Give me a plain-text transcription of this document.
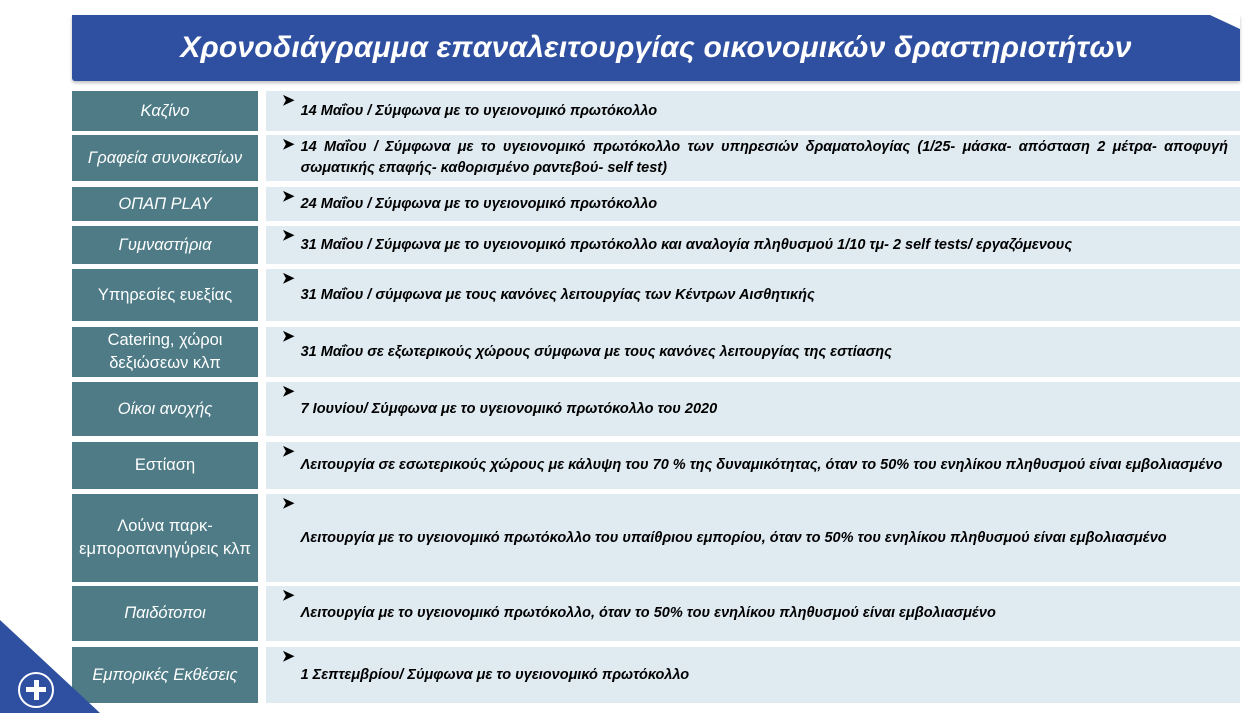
Χρονοδιάγραμμα επαναλειτουργίας οικονομικών δραστηριοτήτων
Καζίνο
➤
14 Μαΐου / Σύμφωνα με το υγειονομικό πρωτόκολλο
Γραφεία συνοικεσίων
➤ 14 Μαΐου / Σύμφωνα με το υγειονομικό πρωτόκολλο των υπηρεσιών δραματολογίας (1/25- μάσκα- απόσταση 2 μέτρα- αποφυγή σωματικής επαφής- καθορισμένο ραντεβού- self test)
ΟΠΑΠ PLAY	➤ 24 Μαΐου / Σύμφωνα με το υγειονομικό πρωτόκολλο
Γυμναστήρια	➤
31 Μαΐου / Σύμφωνα με το υγειονομικό πρωτόκολλο και αναλογία πληθυσμού 1/10 τμ- 2 self tests/ εργαζόμενους
Υπηρεσίες ευεξίας
➤
31 Μαΐου / σύμφωνα με τους κανόνες λειτουργίας των Κέντρων Αισθητικής
Catering, χώροι δεξιώσεων κλπ
➤
31 Μαΐου σε εξωτερικούς χώρους σύμφωνα με τους κανόνες λειτουργίας της εστίασης
Οίκοι ανοχής
➤
7 Ιουνίου/ Σύμφωνα με το υγειονομικό πρωτόκολλο του 2020
Εστίαση
➤
Λειτουργία σε εσωτερικούς χώρους με κάλυψη του 70 % της δυναμικότητας, όταν το 50% του ενηλίκου πληθυσμού είναι εμβολιασμένο
Λούνα παρκ- εμποροπανηγύρεις κλπ
➤
Λειτουργία με το υγειονομικό πρωτόκολλο του υπαίθριου εμπορίου, όταν το 50% του ενηλίκου πληθυσμού είναι εμβολιασμένο
Παιδότοποι
➤
Λειτουργία με το υγειονομικό πρωτόκολλο, όταν το 50% του ενηλίκου πληθυσμού είναι εμβολιασμένο
Εμπορικές Εκθέσεις
➤
1 Σεπτεμβρίου/ Σύμφωνα με το υγειονομικό πρωτόκολλο
